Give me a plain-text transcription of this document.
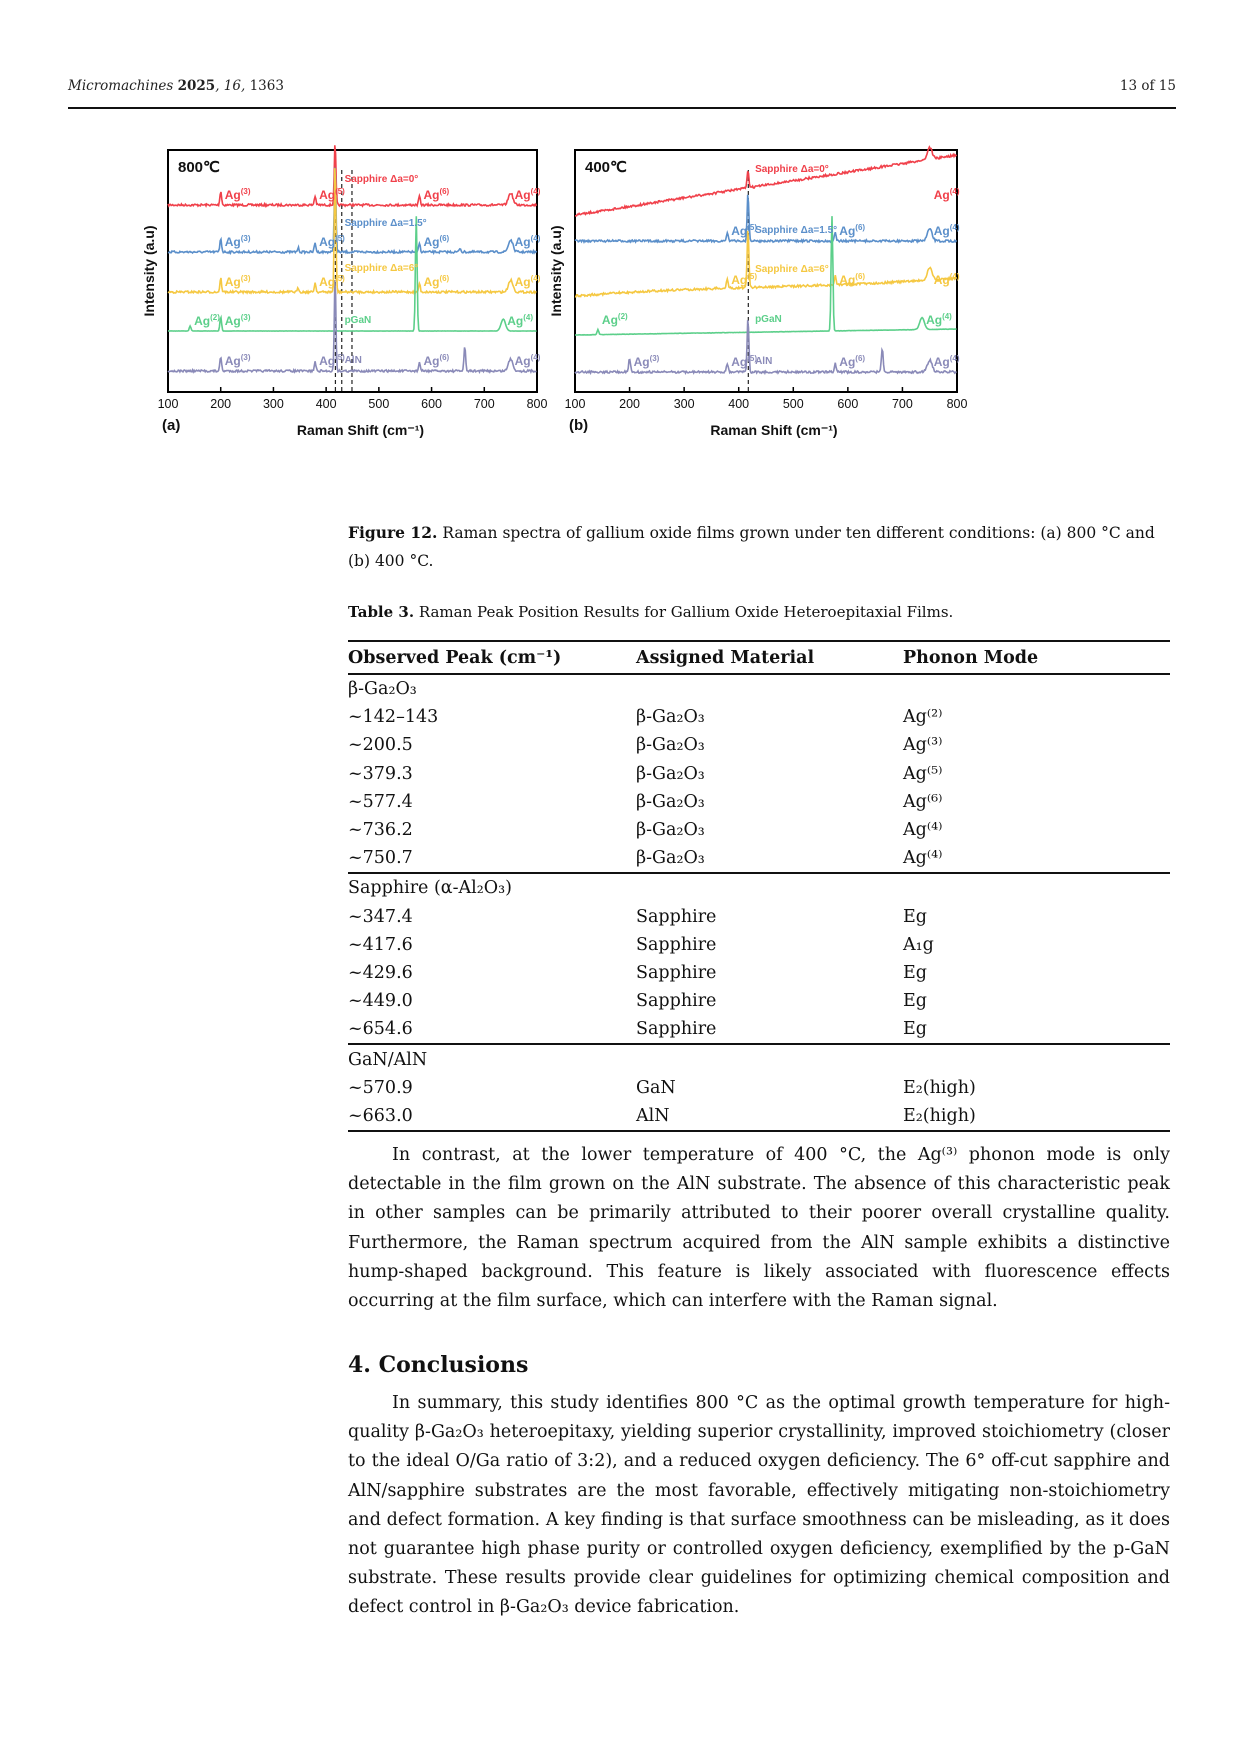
Micromachines 2025, 16, 1363	13 of 15
100	200	300	400	500	600	700	800
800℃
(a)	Raman Shift (cm⁻¹)
Intensity (a.u)
Sapphire Δa=0°
Ag$^{(3)}$	Ag$^{(5)}$	Ag$^{(6)}$	Ag$^{(4)}$
Sapphire Δa=1.5°
Ag$^{(3)}$	Ag$^{(5)}$	Ag$^{(6)}$	Ag$^{(4)}$
Sapphire Δa=6°
Ag$^{(3)}$	Ag$^{(5)}$	Ag$^{(6)}$	Ag$^{(4)}$
pGaN
Ag$^{(2)}$ Ag$^{(3)}$	Ag$^{(4)}$
AlN
Ag$^{(3)}$	Ag$^{(5)}$	Ag$^{(6)}$	Ag$^{(4)}$
100	200	300	400	500	600	700	800
400℃
(b)	Raman Shift (cm⁻¹)
Intensity (a.u)
Sapphire Δa=0°
Ag$^{(4)}$
Sapphire Δa=1.5°
Ag$^{(5)}$	Ag$^{(6)}$	Ag$^{(4)}$
Sapphire Δa=6°
Ag$^{(5)}$	Ag$^{(6)}$	Ag$^{(4)}$
pGaN
Ag$^{(2)}$	Ag$^{(4)}$
AlN
Ag$^{(3)}$	Ag$^{(5)}$	Ag$^{(6)}$	Ag$^{(4)}$
Figure 12. Raman spectra of gallium oxide films grown under ten different conditions: (a) 800 °C and (b) 400 °C.
Table 3. Raman Peak Position Results for Gallium Oxide Heteroepitaxial Films.
Observed Peak (cm⁻¹)	Assigned Material	Phonon Mode
β-Ga₂O₃		
~142–143	β-Ga₂O₃	Ag⁽²⁾
~200.5	β-Ga₂O₃	Ag⁽³⁾
~379.3	β-Ga₂O₃	Ag⁽⁵⁾
~577.4	β-Ga₂O₃	Ag⁽⁶⁾
~736.2	β-Ga₂O₃	Ag⁽⁴⁾
~750.7	β-Ga₂O₃	Ag⁽⁴⁾
Sapphire (α-Al₂O₃)		
~347.4	Sapphire	Eg
~417.6	Sapphire	A₁g
~429.6	Sapphire	Eg
~449.0	Sapphire	Eg
~654.6	Sapphire	Eg
GaN/AlN		
~570.9	GaN	E₂(high)
~663.0	AlN	E₂(high)
In contrast, at the lower temperature of 400 °C, the Ag⁽³⁾ phonon mode is only detectable in the film grown on the AlN substrate. The absence of this characteristic peak in other samples can be primarily attributed to their poorer overall crystalline quality. Furthermore, the Raman spectrum acquired from the AlN sample exhibits a distinctive hump-shaped background. This feature is likely associated with fluorescence effects occurring at the film surface, which can interfere with the Raman signal.
4. Conclusions
In summary, this study identifies 800 °C as the optimal growth temperature for high-quality β-Ga₂O₃ heteroepitaxy, yielding superior crystallinity, improved stoichiometry (closer to the ideal O/Ga ratio of 3:2), and a reduced oxygen deficiency. The 6° off-cut sapphire and AlN/sapphire substrates are the most favorable, effectively mitigating non-stoichiometry and defect formation. A key finding is that surface smoothness can be misleading, as it does not guarantee high phase purity or controlled oxygen deficiency, exemplified by the p-GaN substrate. These results provide clear guidelines for optimizing chemical composition and defect control in β-Ga₂O₃ device fabrication.
